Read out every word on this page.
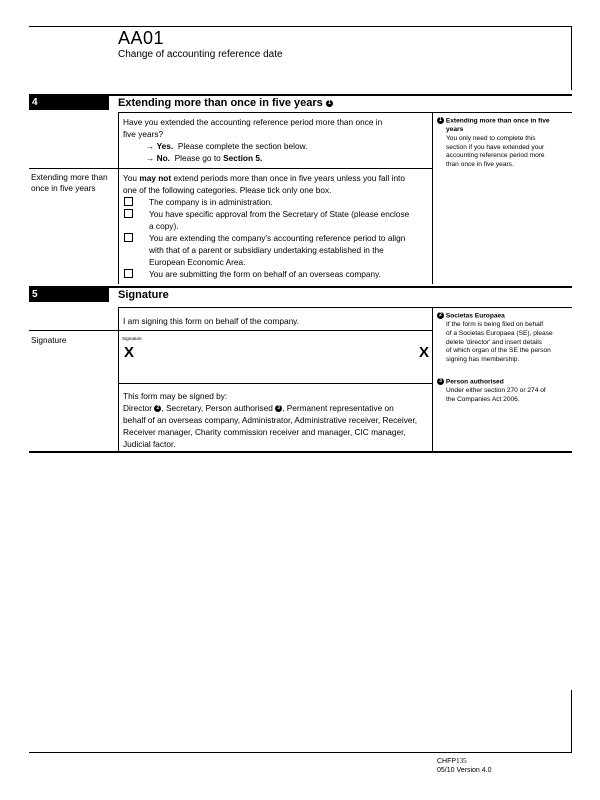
AA01
Change of accounting reference date
4	Extending more than once in five years 1
Have you extended the accounting reference period more than once in
five years?
→ Yes. Please complete the section below.
→ No. Please go to Section 5.
Extending more than
once in five years
You may not extend periods more than once in five years unless you fall into
one of the following categories. Please tick only one box.
The company is in administration.
You have specific approval from the Secretary of State (please enclose
a copy).
You are extending the company's accounting reference period to align
with that of a parent or subsidiary undertaking established in the
European Economic Area.
You are submitting the form on behalf of an overseas company.
1 Extending more than once in five
years
You only need to complete this
section if you have extended your
accounting reference period more
than once in five years.
5	Signature
I am signing this form on behalf of the company.
Signature	Signature
X	X
This form may be signed by:
Director 2 , Secretary, Person authorised 3 , Permanent representative on
behalf of an overseas company, Administrator, Administrative receiver, Receiver,
Receiver manager, Charity commission receiver and manager, CIC manager,
Judicial factor.
2 Societas Europaea
If the form is being filed on behalf
of a Societas Europaea (SE), please
delete 'director' and insert details
of which organ of the SE the person
signing has membership.
3 Person authorised
Under either section 270 or 274 of
the Companies Act 2006.
CHFP135
05/10 Version 4.0
